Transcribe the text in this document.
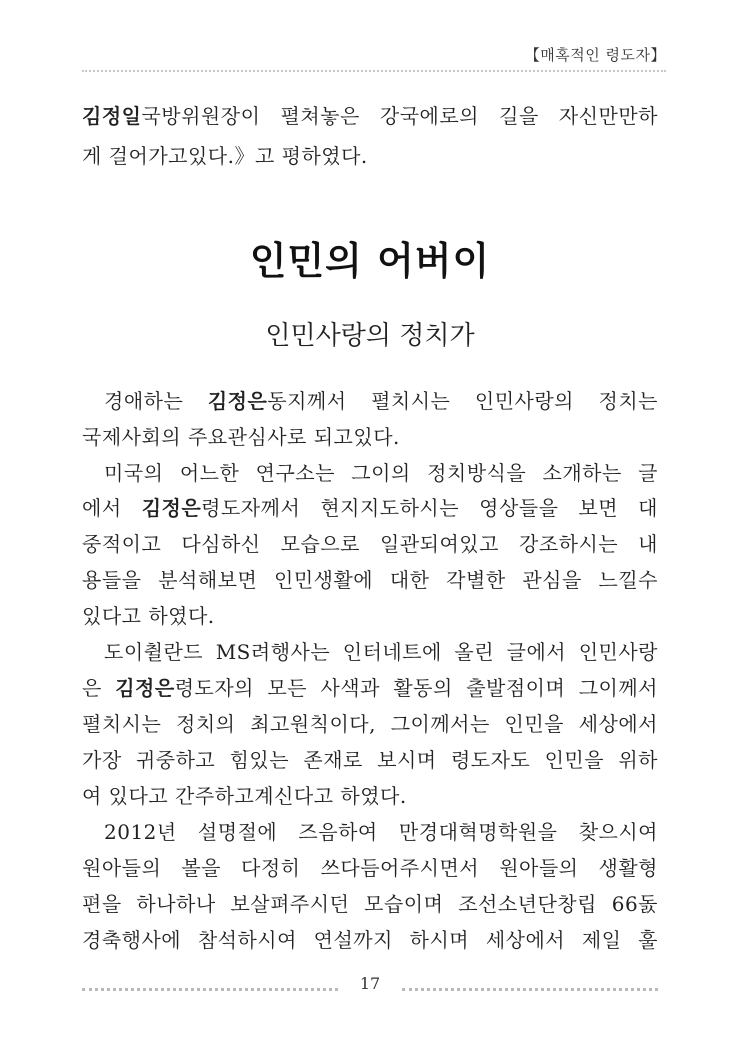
【매혹적인 령도자】
김정일국방위원장이 펼쳐놓은 강국에로의 길을 자신만만하
게 걸어가고있다.》고 평하였다.
인민의 어버이
인민사랑의 정치가
경애하는 김정은동지께서 펼치시는 인민사랑의 정치는
국제사회의 주요관심사로 되고있다.
미국의 어느한 연구소는 그이의 정치방식을 소개하는 글
에서 김정은령도자께서 현지지도하시는 영상들을 보면 대
중적이고 다심하신 모습으로 일관되여있고 강조하시는 내
용들을 분석해보면 인민생활에 대한 각별한 관심을 느낄수
있다고 하였다.
도이췰란드 MS려행사는 인터네트에 올린 글에서 인민사랑
은 김정은령도자의 모든 사색과 활동의 출발점이며 그이께서
펼치시는 정치의 최고원칙이다, 그이께서는 인민을 세상에서
가장 귀중하고 힘있는 존재로 보시며 령도자도 인민을 위하
여 있다고 간주하고계신다고 하였다.
2012년 설명절에 즈음하여 만경대혁명학원을 찾으시여
원아들의 볼을 다정히 쓰다듬어주시면서 원아들의 생활형
편을 하나하나 보살펴주시던 모습이며 조선소년단창립 66돐
경축행사에 참석하시여 연설까지 하시며 세상에서 제일 훌
17
